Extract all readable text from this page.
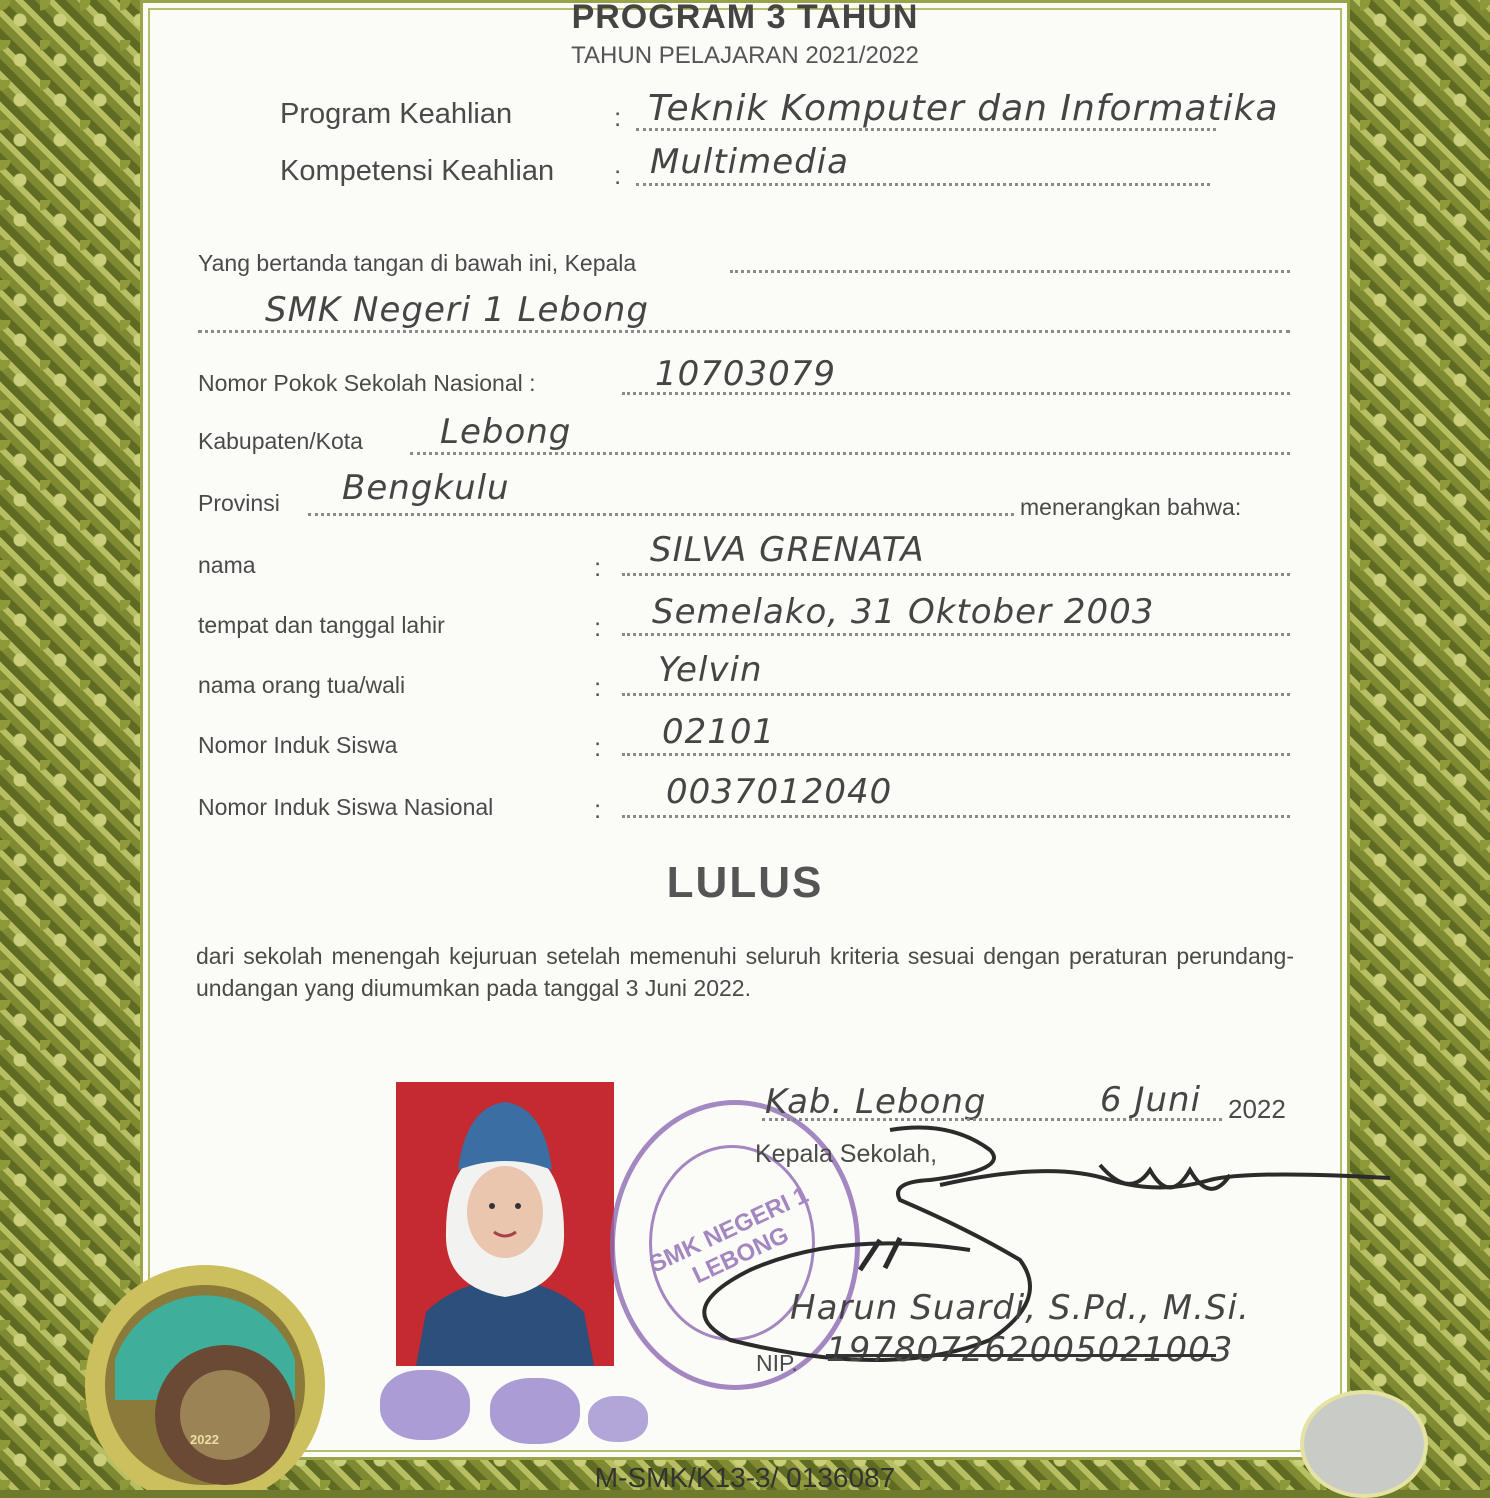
PROGRAM 3 TAHUN
TAHUN PELAJARAN 2021/2022
Program Keahlian	: Teknik Komputer dan Informatika
Kompetensi Keahlian : Multimedia
Yang bertanda tangan di bawah ini, Kepala
SMK Negeri 1 Lebong
Nomor Pokok Sekolah Nasional :	10703079
Kabupaten/Kota Lebong
Provinsi Bengkulu	menerangkan bahwa:
nama	: SILVA GRENATA
tempat dan tanggal lahir	: Semelako, 31 Oktober 2003
nama orang tua/wali	: Yelvin
Nomor Induk Siswa	: 02101
Nomor Induk Siswa Nasional	: 0037012040
LULUS
dari sekolah menengah kejuruan setelah memenuhi seluruh kriteria sesuai dengan peraturan perundang-undangan yang diumumkan pada tanggal 3 Juni 2022.
SMK NEGERI 1 LEBONG
Kab. Lebong	6 Juni 2022
Kepala Sekolah,
Harun Suardi, S.Pd., M.Si.
NIP. 197807262005021003
2022
M-SMK/K13-3/ 0136087
